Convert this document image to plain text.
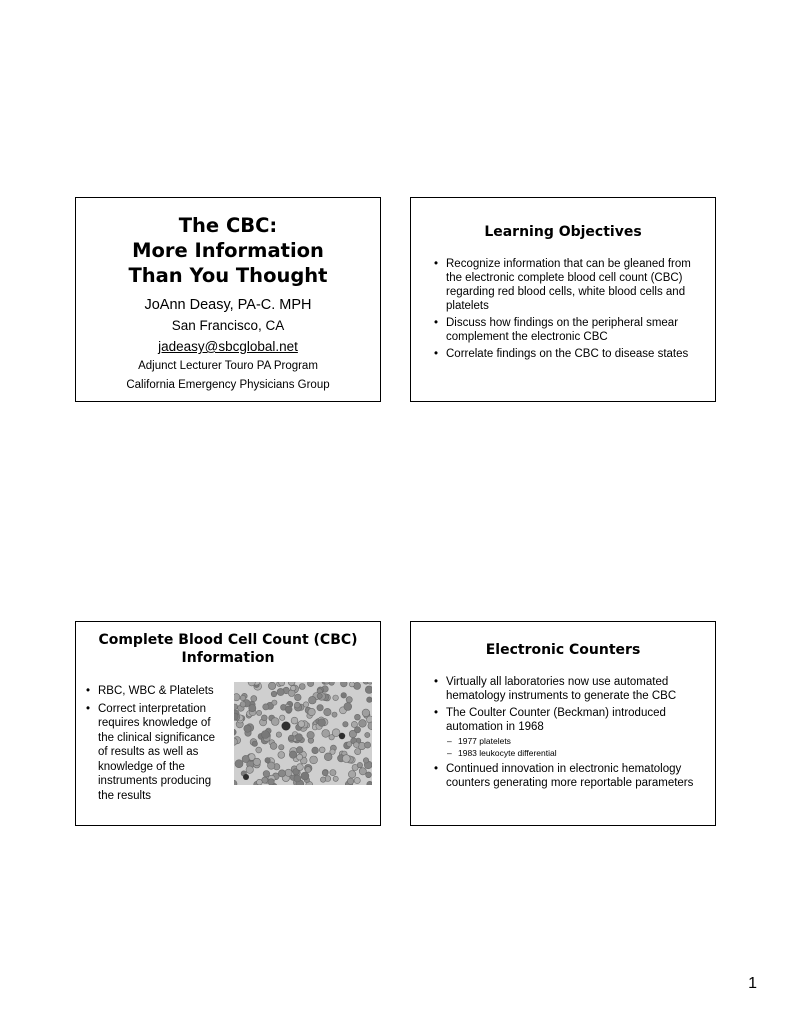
The CBC:
More Information
Than You Thought
JoAnn Deasy, PA-C. MPH
San Francisco, CA
jadeasy@sbcglobal.net
Adjunct Lecturer Touro PA Program
California Emergency Physicians Group
Learning Objectives
• Recognize information that can be gleaned from the electronic complete blood cell count (CBC) regarding red blood cells, white blood cells and platelets
• Discuss how findings on the peripheral smear complement the electronic CBC
• Correlate findings on the CBC to disease states
Complete Blood Cell Count (CBC)
Information
• RBC, WBC & Platelets
• Correct interpretation requires knowledge of the clinical significance of results as well as knowledge of the instruments producing the results
Electronic Counters
• Virtually all laboratories now use automated hematology instruments to generate the CBC
• The Coulter Counter (Beckman) introduced automation in 1968
– 1977 platelets
– 1983 leukocyte differential
• Continued innovation in electronic hematology counters generating more reportable parameters
1
